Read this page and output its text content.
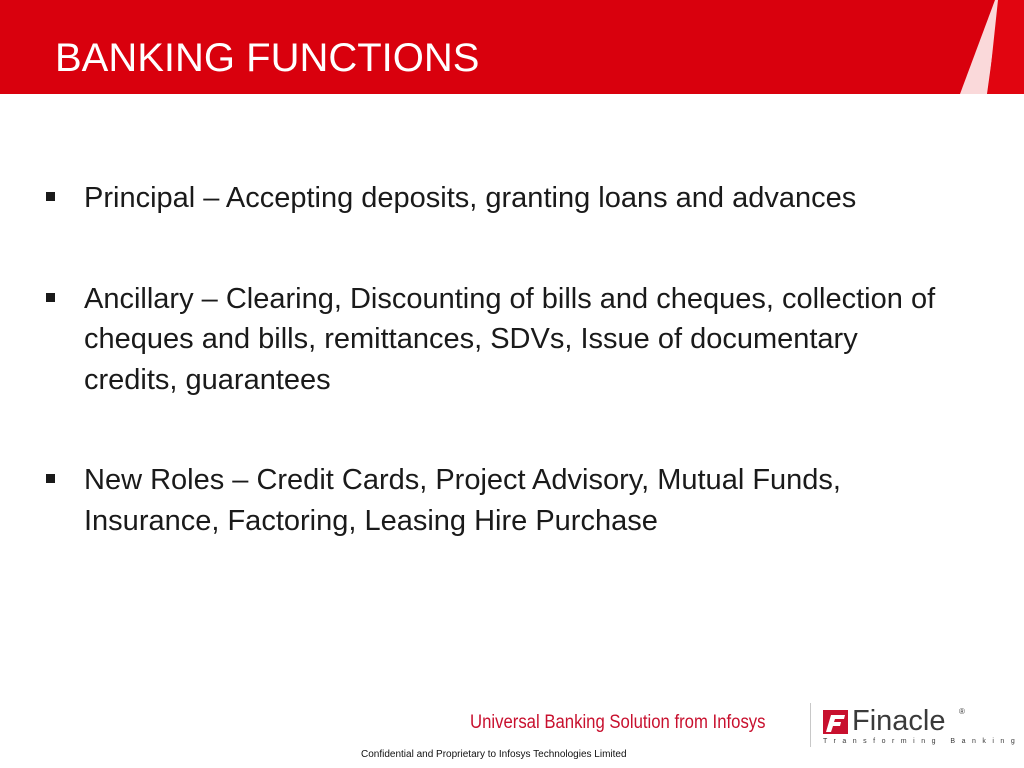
BANKING FUNCTIONS
Principal – Accepting deposits, granting loans and advances
Ancillary – Clearing, Discounting of bills and cheques, collection of cheques and bills, remittances, SDVs, Issue of documentary credits, guarantees
New Roles – Credit Cards, Project Advisory, Mutual Funds, Insurance, Factoring, Leasing Hire Purchase
Universal Banking Solution from Infosys	Finacle ®
Transforming Banking
Confidential and Proprietary to Infosys Technologies Limited
